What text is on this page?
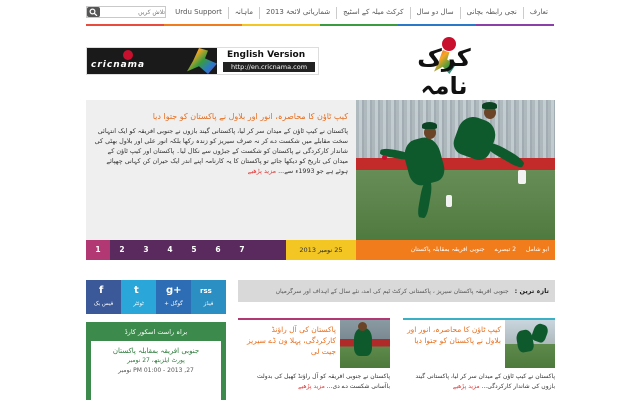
تلاش کریں
Urdu Support	ماہانہ	شماریاتی لائحۂ 2013	کرکٹ میلہ کے اسٹیج	سال دو سال	نجی رابطہ بچانی	تعارف
cricnama
English Version
http://en.cricnama.com	کرک نامہ
کیپ ٹاؤن کا محاصرہ، انور اور بلاول نے پاکستان کو جتوا دیا
پاکستان نے کیپ ٹاؤن کے میدان سر کر لیا، پاکستانی گیند بازوں نے جنوبی افریقہ کو ایک انتہائی سخت مقابلے میں شکست دے کر نہ صرف سیریز کو زندہ رکھا بلکہ انور علی اور بلاول بھٹی کی شاندار کارکردگی نے پاکستان کو شکست کے جبڑوں سے نکال لیا۔ پاکستان اور کیپ ٹاؤن کے میدان کی تاریخ کو دیکھا جائے تو پاکستان کا یہ کارنامہ اپنے اندر ایک حیران کن کہانی چھپائے ہوئے ہے جو 1993ء سے... مزید پڑھیے
1	2	3	4	5	6	7	25 نومبر 2013	جنوبی افریقہ بمقابلہ پاکستان	2 تبصرے	ابو شامل
f
فیس بک
t
ٹوئٹر
g+
گوگل +
rss
فیڈز
براہ راست اسکور کارڈ
جنوبی افریقہ بمقابلہ پاکستان
پورٹ ایلزبتھ، 27 نومبر
PM 01:00 - 2013 ,27 نومبر
تازہ ترین :
جنوبی افریقہ پاکستان سیریز ، پاکستانی کرکٹ ٹیم کی آمد، نئے سال کے اہداف اور سرگرمیاں
کیپ ٹاؤن کا محاصرہ، انور اور بلاول نے پاکستان کو جتوا دیا
پاکستان نے کیپ ٹاؤن کے میدان سر کر لیا، پاکستانی گیند بازوں کی شاندار کارکردگی... مزید پڑھیے
پاکستان کی آل راؤنڈ کارکردگی، پہلا ون ڈے سیریز جیت لی
پاکستان نے جنوبی افریقہ کو آل راؤنڈ کھیل کی بدولت باآسانی شکست دے دی... مزید پڑھیے
